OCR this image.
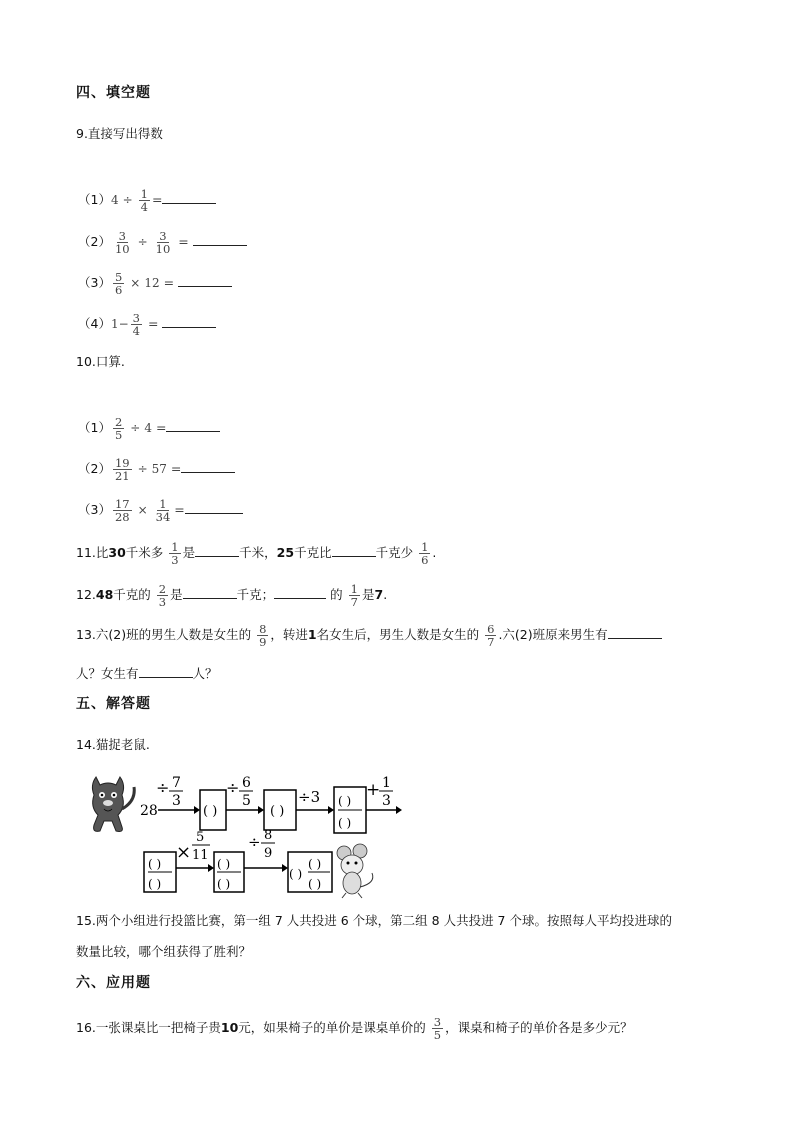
四、填空题
9.直接写出得数
$(1)4 \div \frac{1}{4}$ =
$(2) \frac{3}{10} \div \frac{3}{10}$ =
$(3) \frac{5}{6} \times 12$ =
$(4)1- \frac{3}{4}$ =
10.口算.
$(1) \frac{2}{5} \div 4$ =
$(2) \frac{19}{21} \div 57$ =
$(3) \frac{17}{28} \times \frac{1}{34}$ =
11.比30千米多 $\frac{1}{3}$ 是	千米，25千克比	千克少 $\frac{1}{6}$ .
12.48千克的 $\frac{2}{3}$ 是	千克；	的 $\frac{1}{7}$ 是7.
13.六(2)班的男生人数是女生的 $\frac{8}{9}$ ，转进1名女生后，男生人数是女生的 $\frac{6}{7}$ .六(2)班原来男生有
人？女生有	人？
五、解答题
14.猫捉老鼠.
28
÷ 7
3
( )
÷ 6
5
( )
÷3 ( )
( )
+ 1
3
( )
( )
×
5
11
( )
( )
÷ 8
9
( )
( )
( )
15.两个小组进行投篮比赛，第一组 7 人共投进 6 个球，第二组 8 人共投进 7 个球。按照每人平均投进球的
数量比较，哪个组获得了胜利？
六、应用题
16.一张课桌比一把椅子贵10元，如果椅子的单价是课桌单价的 $\frac{3}{5}$ ，课桌和椅子的单价各是多少元？
